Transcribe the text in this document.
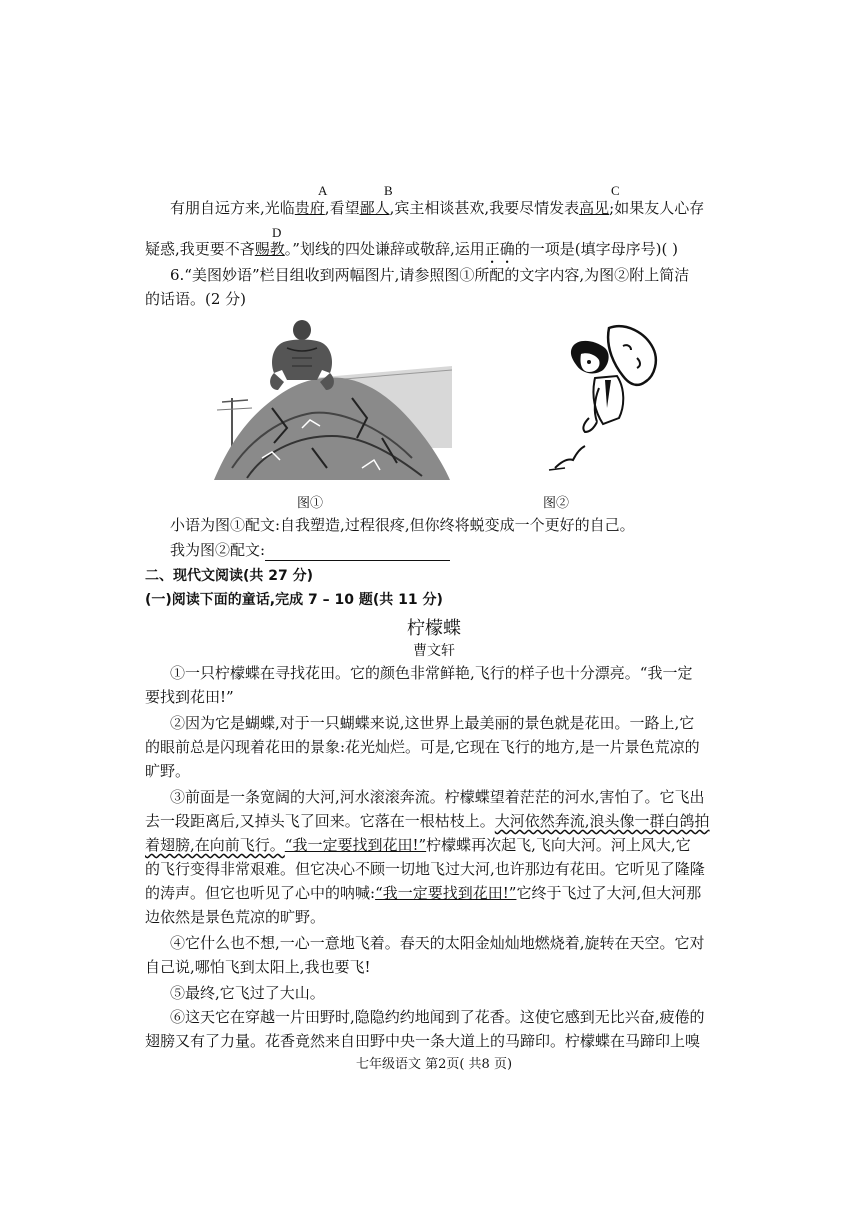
A	B	C
D
有朋自远方来,光临贵府,看望鄙人,宾主相谈甚欢,我要尽情发表高见;如果友人心存
疑惑,我更要不吝赐教。”划线的四处谦辞或敬辞,运用正确的一项是(填字母序号)( )
6.“美图妙语”栏目组收到两幅图片,请参照图①所配的文字内容,为图②附上简洁
的话语。(2 分)
图①	图②
小语为图①配文:自我塑造,过程很疼,但你终将蜕变成一个更好的自己。
我为图②配文:
二、现代文阅读(共 27 分)
(一)阅读下面的童话,完成 7 – 10 题(共 11 分)
柠檬蝶
曹文轩
①一只柠檬蝶在寻找花田。它的颜色非常鲜艳,飞行的样子也十分漂亮。“我一定
要找到花田!”
②因为它是蝴蝶,对于一只蝴蝶来说,这世界上最美丽的景色就是花田。一路上,它
的眼前总是闪现着花田的景象:花光灿烂。可是,它现在飞行的地方,是一片景色荒凉的
旷野。
③前面是一条宽阔的大河,河水滚滚奔流。柠檬蝶望着茫茫的河水,害怕了。它飞出
去一段距离后,又掉头飞了回来。它落在一根枯枝上。大河依然奔流,浪头像一群白鸽拍
着翅膀,在向前飞行。“我一定要找到花田!”柠檬蝶再次起飞,飞向大河。河上风大,它
的飞行变得非常艰难。但它决心不顾一切地飞过大河,也许那边有花田。它听见了隆隆
的涛声。但它也听见了心中的呐喊:“我一定要找到花田!”它终于飞过了大河,但大河那
边依然是景色荒凉的旷野。
④它什么也不想,一心一意地飞着。春天的太阳金灿灿地燃烧着,旋转在天空。它对
自己说,哪怕飞到太阳上,我也要飞!
⑤最终,它飞过了大山。
⑥这天它在穿越一片田野时,隐隐约约地闻到了花香。这使它感到无比兴奋,疲倦的
翅膀又有了力量。花香竟然来自田野中央一条大道上的马蹄印。柠檬蝶在马蹄印上嗅
七年级语文 第2页( 共8 页)
